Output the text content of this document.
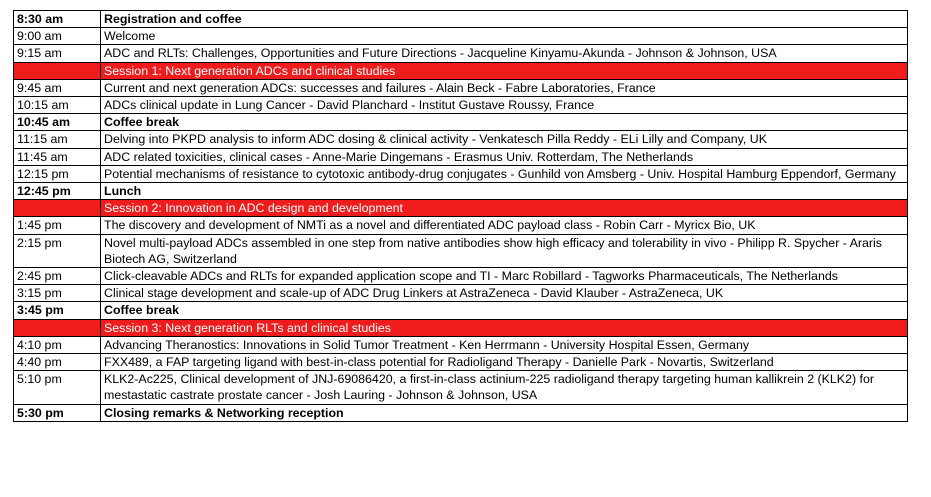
8:30 am	Registration and coffee
9:00 am	Welcome
9:15 am	ADC and RLTs: Challenges, Opportunities and Future Directions - Jacqueline Kinyamu-Akunda - Johnson & Johnson, USA
	Session 1: Next generation ADCs and clinical studies
9:45 am	Current and next generation ADCs: successes and failures - Alain Beck - Fabre Laboratories, France
10:15 am	ADCs clinical update in Lung Cancer - David Planchard - Institut Gustave Roussy, France
10:45 am	Coffee break
11:15 am	Delving into PKPD analysis to inform ADC dosing & clinical activity - Venkatesch Pilla Reddy - ELi Lilly and Company, UK
11:45 am	ADC related toxicities, clinical cases - Anne-Marie Dingemans - Erasmus Univ. Rotterdam, The Netherlands
12:15 pm	Potential mechanisms of resistance to cytotoxic antibody-drug conjugates - Gunhild von Amsberg - Univ. Hospital Hamburg Eppendorf, Germany
12:45 pm	Lunch
	Session 2: Innovation in ADC design and development
1:45 pm	The discovery and development of NMTi as a novel and differentiated ADC payload class - Robin Carr - Myricx Bio, UK
2:15 pm	Novel multi-payload ADCs assembled in one step from native antibodies show high efficacy and tolerability in vivo - Philipp R. Spycher - Araris Biotech AG, Switzerland
2:45 pm	Click-cleavable ADCs and RLTs for expanded application scope and TI - Marc Robillard - Tagworks Pharmaceuticals, The Netherlands
3:15 pm	Clinical stage development and scale-up of ADC Drug Linkers at AstraZeneca - David Klauber - AstraZeneca, UK
3:45 pm	Coffee break
	Session 3: Next generation RLTs and clinical studies
4:10 pm	Advancing Theranostics: Innovations in Solid Tumor Treatment - Ken Herrmann - University Hospital Essen, Germany
4:40 pm	FXX489, a FAP targeting ligand with best-in-class potential for Radioligand Therapy - Danielle Park - Novartis, Switzerland
5:10 pm	KLK2-Ac225, Clinical development of JNJ-69086420, a first-in-class actinium-225 radioligand therapy targeting human kallikrein 2 (KLK2) for mestastatic castrate prostate cancer - Josh Lauring - Johnson & Johnson, USA
5:30 pm	Closing remarks & Networking reception
